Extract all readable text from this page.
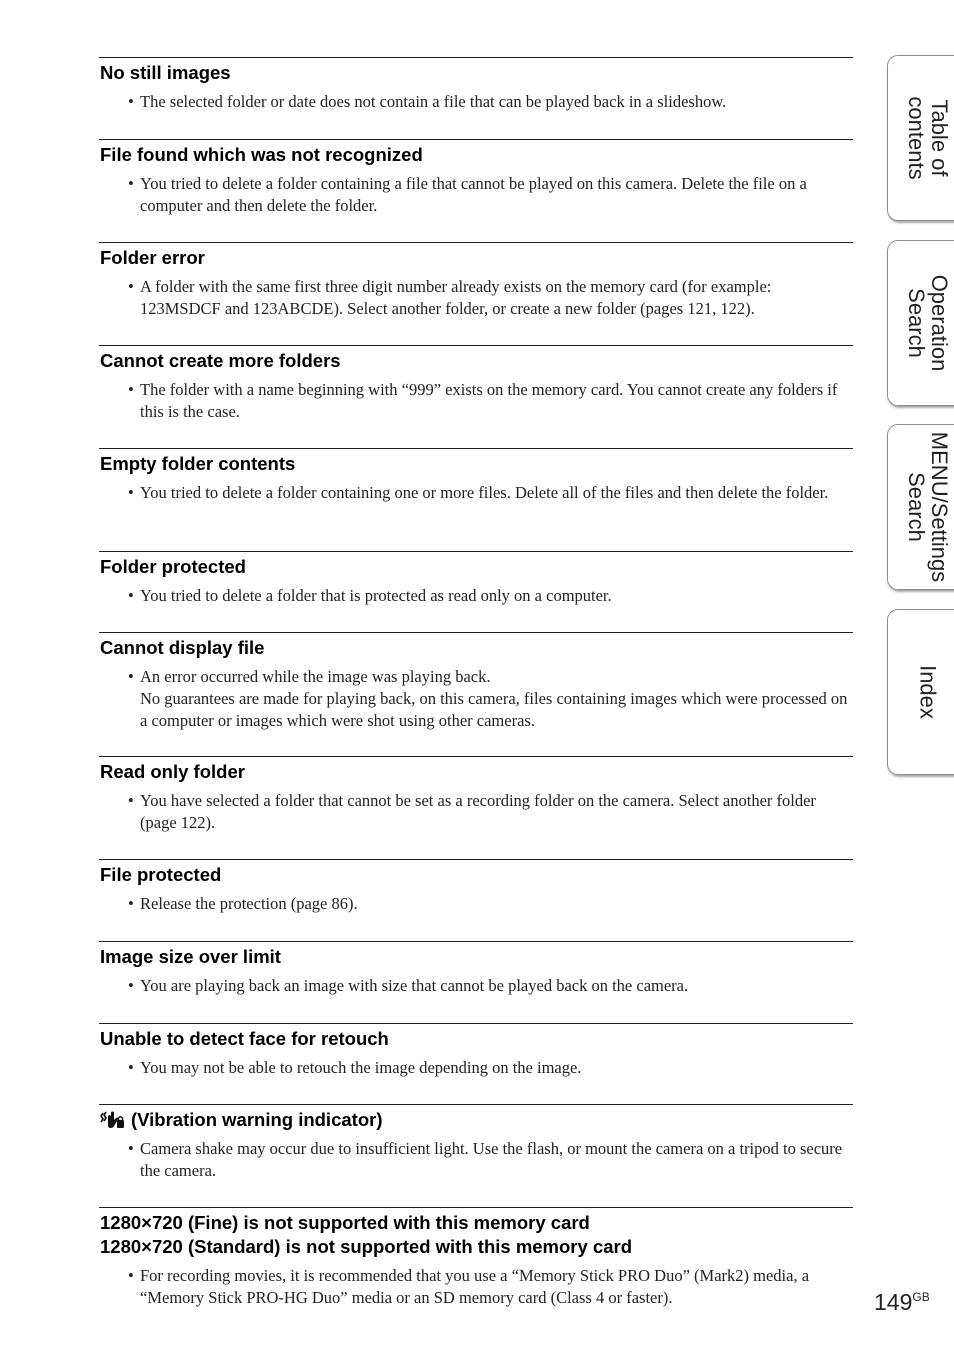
No still images
• The selected folder or date does not contain a file that can be played back in a slideshow.
File found which was not recognized
• You tried to delete a folder containing a file that cannot be played on this camera. Delete the file on a computer and then delete the folder.
Folder error
• A folder with the same first three digit number already exists on the memory card (for example: 123MSDCF and 123ABCDE). Select another folder, or create a new folder (pages 121, 122).
Cannot create more folders
• The folder with a name beginning with “999” exists on the memory card. You cannot create any folders if this is the case.
Empty folder contents
• You tried to delete a folder containing one or more files. Delete all of the files and then delete the folder.
Folder protected
• You tried to delete a folder that is protected as read only on a computer.
Cannot display file
• An error occurred while the image was playing back.
No guarantees are made for playing back, on this camera, files containing images which were processed on a computer or images which were shot using other cameras.
Read only folder
• You have selected a folder that cannot be set as a recording folder on the camera. Select another folder (page 122).
File protected
• Release the protection (page 86).
Image size over limit
• You are playing back an image with size that cannot be played back on the camera.
Unable to detect face for retouch
• You may not be able to retouch the image depending on the image.
(Vibration warning indicator)
• Camera shake may occur due to insufficient light. Use the flash, or mount the camera on a tripod to secure the camera.
1280×720 (Fine) is not supported with this memory card
1280×720 (Standard) is not supported with this memory card
• For recording movies, it is recommended that you use a “Memory Stick PRO Duo” (Mark2) media, a “Memory Stick PRO-HG Duo” media or an SD memory card (Class 4 or faster).
Table of
contents
Operation
Search
MENU/Settings
Search
Index
$149^{GB}$
